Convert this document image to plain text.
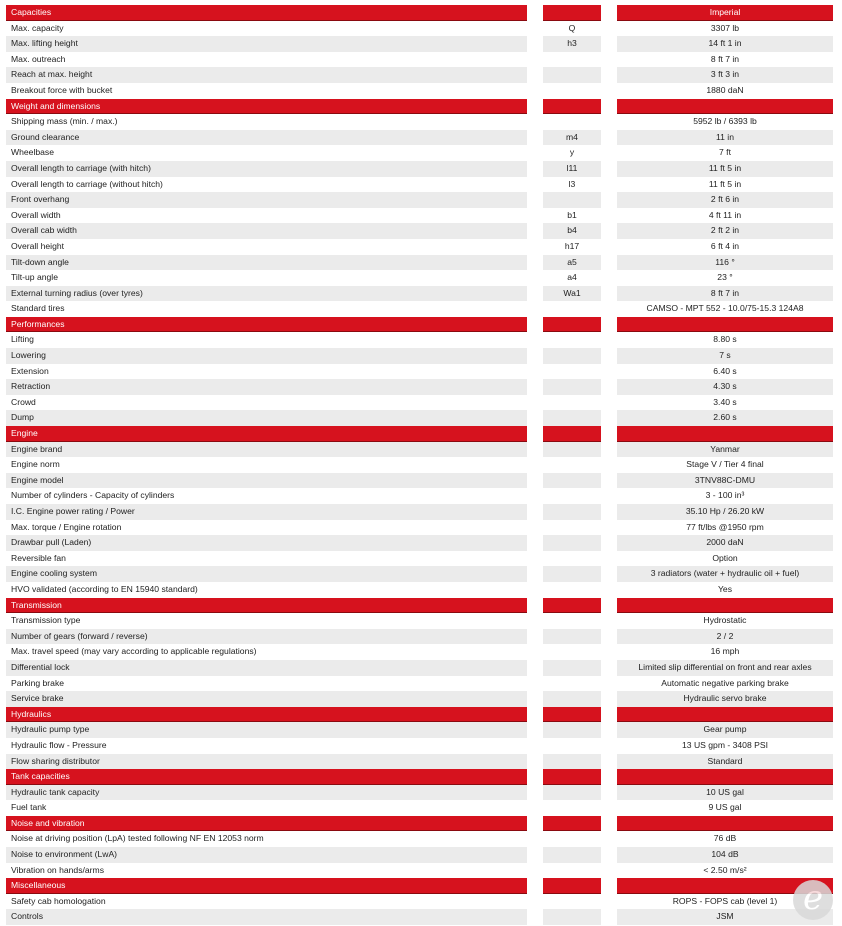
Capacities	Imperial
Max. capacity	Q	3307 lb
Max. lifting height	h3	14 ft 1 in
Max. outreach	8 ft 7 in
Reach at max. height	3 ft 3 in
Breakout force with bucket	1880 daN
Weight and dimensions
Shipping mass (min. / max.)	5952 lb / 6393 lb
Ground clearance	m4	11 in
Wheelbase	y	7 ft
Overall length to carriage (with hitch)	l11	11 ft 5 in
Overall length to carriage (without hitch)	l3	11 ft 5 in
Front overhang	2 ft 6 in
Overall width	b1	4 ft 11 in
Overall cab width	b4	2 ft 2 in
Overall height	h17	6 ft 4 in
Tilt-down angle	a5	116 °
Tilt-up angle	a4	23 °
External turning radius (over tyres)	Wa1	8 ft 7 in
Standard tires	CAMSO - MPT 552 - 10.0/75-15.3 124A8
Performances
Lifting	8.80 s
Lowering	7 s
Extension	6.40 s
Retraction	4.30 s
Crowd	3.40 s
Dump	2.60 s
Engine
Engine brand	Yanmar
Engine norm	Stage V / Tier 4 final
Engine model	3TNV88C-DMU
Number of cylinders - Capacity of cylinders	3 - 100 in³
I.C. Engine power rating / Power	35.10 Hp / 26.20 kW
Max. torque / Engine rotation	77 ft/lbs @1950 rpm
Drawbar pull (Laden)	2000 daN
Reversible fan	Option
Engine cooling system	3 radiators (water + hydraulic oil + fuel)
HVO validated (according to EN 15940 standard)	Yes
Transmission
Transmission type	Hydrostatic
Number of gears (forward / reverse)	2 / 2
Max. travel speed (may vary according to applicable regulations)	16 mph
Differential lock	Limited slip differential on front and rear axles
Parking brake	Automatic negative parking brake
Service brake	Hydraulic servo brake
Hydraulics
Hydraulic pump type	Gear pump
Hydraulic flow - Pressure	13 US gpm - 3408 PSI
Flow sharing distributor	Standard
Tank capacities
Hydraulic tank capacity	10 US gal
Fuel tank	9 US gal
Noise and vibration
Noise at driving position (LpA) tested following NF EN 12053 norm	76 dB
Noise to environment (LwA)	104 dB
Vibration on hands/arms	< 2.50 m/s²
Miscellaneous
Safety cab homologation	ROPS - FOPS cab (level 1)
Controls	JSM	e
